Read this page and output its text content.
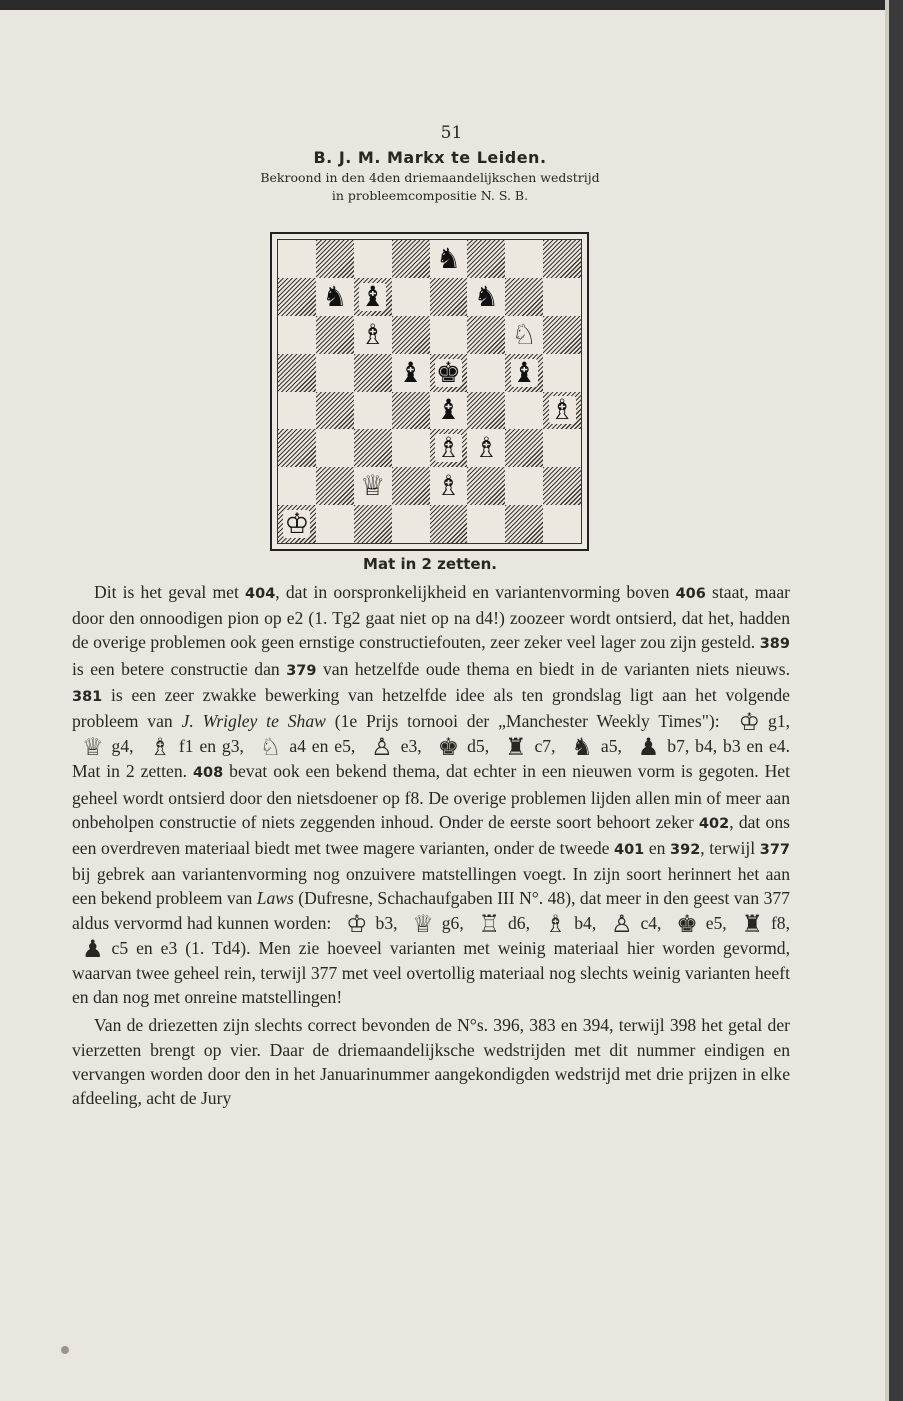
51
B. J. M. Markx te Leiden.
Bekroond in den 4den driemaandelijkschen wedstrijd
in probleemcompositie N. S. B.
♞
♞ ♝	♞
♗	♘
♝ ♚ ♝
♝	♗
♗ ♗
♕ ♗
♔
Mat in 2 zetten.

Dit is het geval met 404, dat in oorspronkelijkheid en variantenvorming boven 406 staat, maar door den onnoodigen pion op e2 (1. Tg2 gaat niet op na d4!) zoozeer wordt ontsierd, dat het, hadden de overige problemen ook geen ernstige constructiefouten, zeer zeker veel lager zou zijn gesteld. 389 is een betere constructie dan 379 van hetzelfde oude thema en biedt in de varianten niets nieuws. 381 is een zeer zwakke bewerking van hetzelfde idee als ten grondslag ligt aan het volgende probleem van J. Wrigley te Shaw (1e Prijs tornooi der „Manchester Weekly Times"): ♔ g1, ♕ g4, ♗ f1 en g3, ♘ a4 en e5, ♙ e3, ♚ d5, ♜ c7, ♞ a5, ♟ b7, b4, b3 en e4. Mat in 2 zetten. 408 bevat ook een bekend thema, dat echter in een nieuwen vorm is gegoten. Het geheel wordt ontsierd door den nietsdoener op f8. De overige problemen lijden allen min of meer aan onbeholpen constructie of niets zeggenden inhoud. Onder de eerste soort behoort zeker 402, dat ons een overdreven materiaal biedt met twee magere varianten, onder de tweede 401 en 392, terwijl 377 bij gebrek aan variantenvorming nog onzuivere matstellingen voegt. In zijn soort herinnert het aan een bekend probleem van Laws (Dufresne, Schachaufgaben III N°. 48), dat meer in den geest van 377 aldus vervormd had kunnen worden: ♔ b3, ♕ g6, ♖ d6, ♗ b4, ♙ c4, ♚ e5, ♜ f8, ♟ c5 en e3 (1. Td4). Men zie hoeveel varianten met weinig materiaal hier worden gevormd, waarvan twee geheel rein, terwijl 377 met veel overtollig materiaal nog slechts weinig varianten heeft en dan nog met onreine matstellingen!

Van de driezetten zijn slechts correct bevonden de N°s. 396, 383 en 394, terwijl 398 het getal der vierzetten brengt op vier. Daar de driemaandelijksche wedstrijden met dit nummer eindigen en vervangen worden door den in het Januarinummer aangekondigden wedstrijd met drie prijzen in elke afdeeling, acht de Jury
